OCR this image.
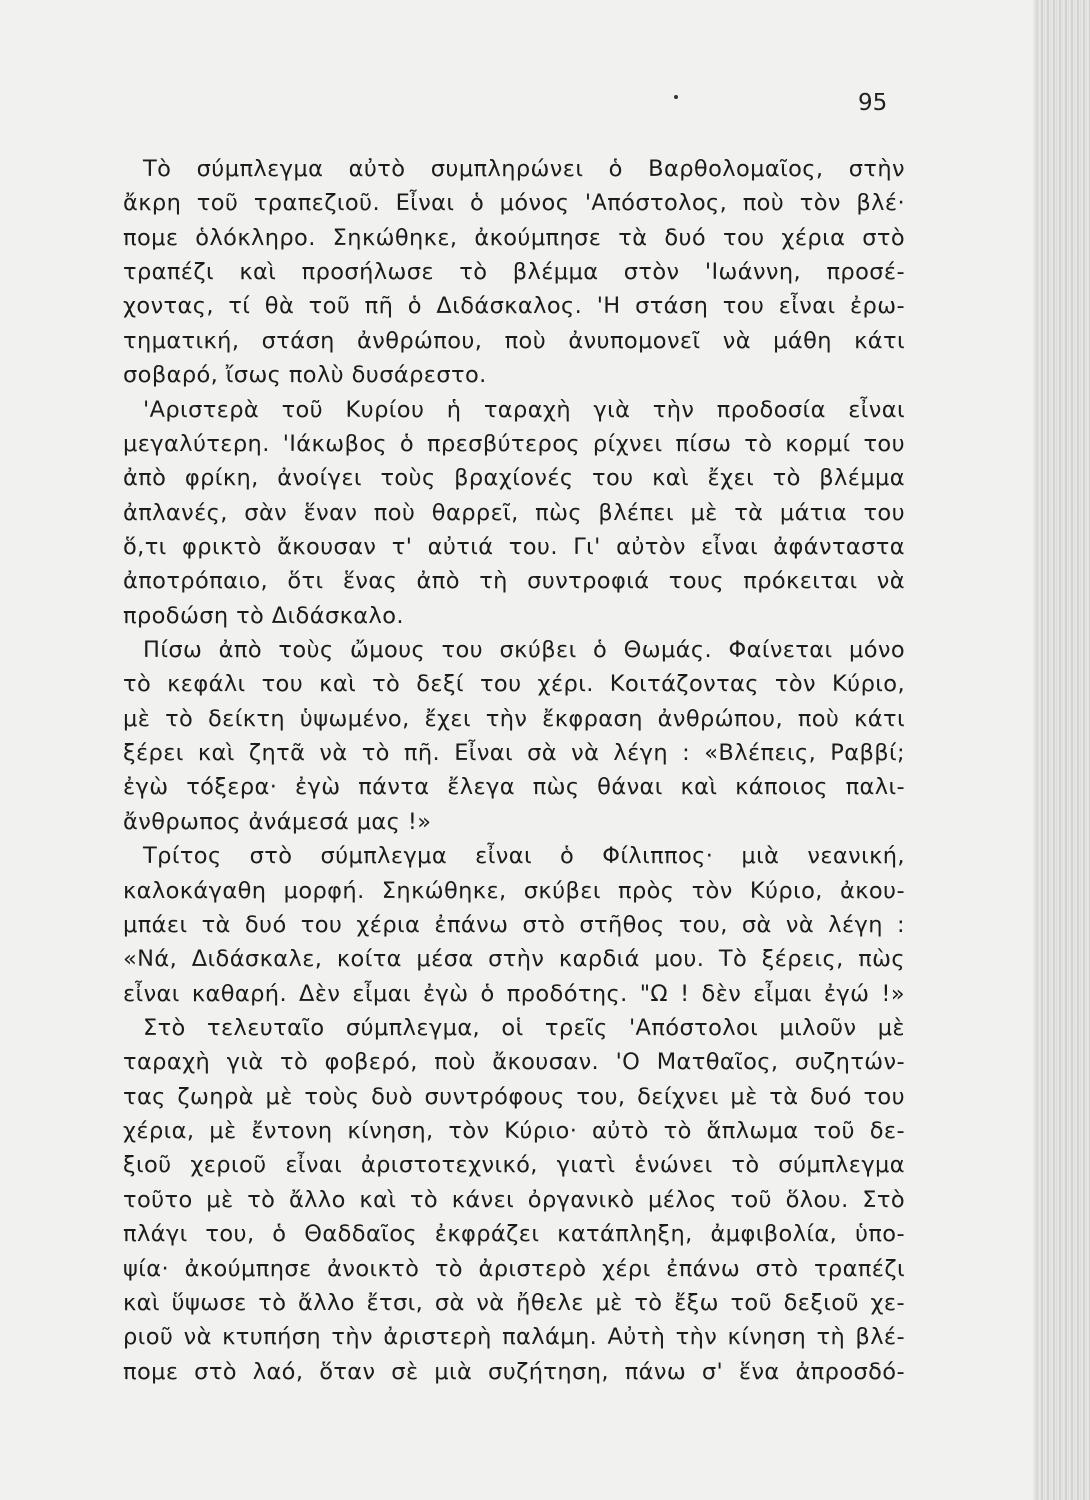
95
Τὸ σύμπλεγμα αὐτὸ συμπληρώνει ὁ Βαρθολομαῖος, στὴν
ἄκρη τοῦ τραπεζιοῦ. Εἶναι ὁ μόνος 'Απόστολος, ποὺ τὸν βλέ·
πομε ὁλόκληρο. Σηκώθηκε, ἀκούμπησε τὰ δυό του χέρια στὸ
τραπέζι καὶ προσήλωσε τὸ βλέμμα στὸν 'Ιωάννη, προσέ-
χοντας, τί θὰ τοῦ πῆ ὁ Διδάσκαλος. 'Η στάση του εἶναι ἐρω-
τηματική, στάση ἀνθρώπου, ποὺ ἀνυπομονεῖ νὰ μάθη κάτι
σοβαρό, ἴσως πολὺ δυσάρεστο.
'Αριστερὰ τοῦ Κυρίου ἡ ταραχὴ γιὰ τὴν προδοσία εἶναι
μεγαλύτερη. 'Ιάκωβος ὁ πρεσβύτερος ρίχνει πίσω τὸ κορμί του
ἀπὸ φρίκη, ἀνοίγει τοὺς βραχίονές του καὶ ἔχει τὸ βλέμμα
ἀπλανές, σὰν ἕναν ποὺ θαρρεῖ, πὼς βλέπει μὲ τὰ μάτια του
ὅ,τι φρικτὸ ἄκουσαν τ' αὐτιά του. Γι' αὐτὸν εἶναι ἀφάνταστα
ἀποτρόπαιο, ὅτι ἕνας ἀπὸ τὴ συντροφιά τους πρόκειται νὰ
προδώση τὸ Διδάσκαλο.
Πίσω ἀπὸ τοὺς ὤμους του σκύβει ὁ Θωμάς. Φαίνεται μόνο
τὸ κεφάλι του καὶ τὸ δεξί του χέρι. Κοιτάζοντας τὸν Κύριο,
μὲ τὸ δείκτη ὑψωμένο, ἔχει τὴν ἔκφραση ἀνθρώπου, ποὺ κάτι
ξέρει καὶ ζητᾶ νὰ τὸ πῆ. Εἶναι σὰ νὰ λέγη : «Βλέπεις, Ραββί;
ἐγὼ τόξερα· ἐγὼ πάντα ἔλεγα πὼς θάναι καὶ κάποιος παλι-
ἄνθρωπος ἀνάμεσά μας !»
Τρίτος στὸ σύμπλεγμα εἶναι ὁ Φίλιππος· μιὰ νεανική,
καλοκάγαθη μορφή. Σηκώθηκε, σκύβει πρὸς τὸν Κύριο, ἀκου-
μπάει τὰ δυό του χέρια ἐπάνω στὸ στῆθος του, σὰ νὰ λέγη :
«Νά, Διδάσκαλε, κοίτα μέσα στὴν καρδιά μου. Τὸ ξέρεις, πὼς
εἶναι καθαρή. Δὲν εἶμαι ἐγὼ ὁ προδότης. "Ω ! δὲν εἶμαι ἐγώ !»
Στὸ τελευταῖο σύμπλεγμα, οἱ τρεῖς 'Απόστολοι μιλοῦν μὲ
ταραχὴ γιὰ τὸ φοβερό, ποὺ ἄκουσαν. 'Ο Ματθαῖος, συζητών-
τας ζωηρὰ μὲ τοὺς δυὸ συντρόφους του, δείχνει μὲ τὰ δυό του
χέρια, μὲ ἔντονη κίνηση, τὸν Κύριο· αὐτὸ τὸ ἅπλωμα τοῦ δε-
ξιοῦ χεριοῦ εἶναι ἀριστοτεχνικό, γιατὶ ἑνώνει τὸ σύμπλεγμα
τοῦτο μὲ τὸ ἄλλο καὶ τὸ κάνει ὀργανικὸ μέλος τοῦ ὅλου. Στὸ
πλάγι του, ὁ Θαδδαῖος ἐκφράζει κατάπληξη, ἀμφιβολία, ὑπο-
ψία· ἀκούμπησε ἀνοικτὸ τὸ ἀριστερὸ χέρι ἐπάνω στὸ τραπέζι
καὶ ὕψωσε τὸ ἄλλο ἔτσι, σὰ νὰ ἤθελε μὲ τὸ ἔξω τοῦ δεξιοῦ χε-
ριοῦ νὰ κτυπήση τὴν ἀριστερὴ παλάμη. Αὐτὴ τὴν κίνηση τὴ βλέ-
πομε στὸ λαό, ὅταν σὲ μιὰ συζήτηση, πάνω σ' ἕνα ἀπροσδό-
